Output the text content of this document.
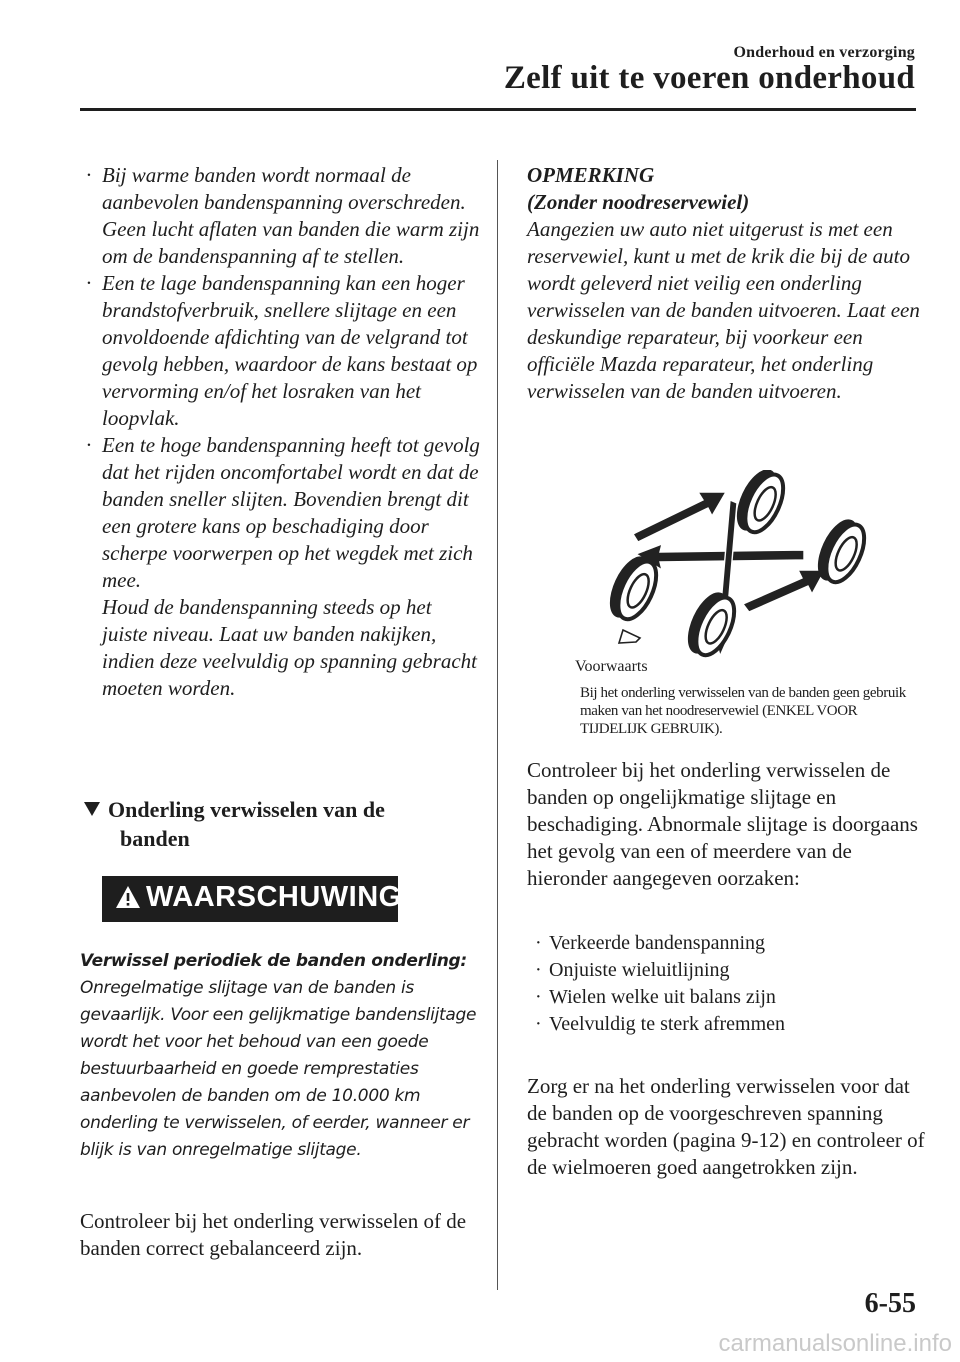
Onderhoud en verzorging
Zelf uit te voeren onderhoud
· Bij warme banden wordt normaal de aanbevolen bandenspanning overschreden. Geen lucht aflaten van banden die warm zijn om de bandenspanning af te stellen.
· Een te lage bandenspanning kan een hoger brandstofverbruik, snellere slijtage en een onvoldoende afdichting van de velgrand tot gevolg hebben, waardoor de kans bestaat op vervorming en/of het losraken van het loopvlak.
· Een te hoge bandenspanning heeft tot gevolg dat het rijden oncomfortabel wordt en dat de banden sneller slijten. Bovendien brengt dit een grotere kans op beschadiging door scherpe voorwerpen op het wegdek met zich mee.
Houd de bandenspanning steeds op het juiste niveau. Laat uw banden nakijken, indien deze veelvuldig op spanning gebracht moeten worden.
Onderling verwisselen van de
banden
WAARSCHUWING
Verwissel periodiek de banden onderling:
Onregelmatige slijtage van de banden is gevaarlijk. Voor een gelijkmatige bandenslijtage wordt het voor het behoud van een goede bestuurbaarheid en goede remprestaties aanbevolen de banden om de 10.000 km onderling te verwisselen, of eerder, wanneer er blijk is van onregelmatige slijtage.
Controleer bij het onderling verwisselen of de banden correct gebalanceerd zijn.
OPMERKING
(Zonder noodreservewiel)
Aangezien uw auto niet uitgerust is met een reservewiel, kunt u met de krik die bij de auto wordt geleverd niet veilig een onderling verwisselen van de banden uitvoeren. Laat een deskundige reparateur, bij voorkeur een officiële Mazda reparateur, het onderling verwisselen van de banden uitvoeren.
Voorwaarts
Bij het onderling verwisselen van de banden geen gebruik maken van het noodreservewiel (ENKEL VOOR TIJDELIJK GEBRUIK).
Controleer bij het onderling verwisselen de banden op ongelijkmatige slijtage en beschadiging. Abnormale slijtage is doorgaans het gevolg van een of meerdere van de hieronder aangegeven oorzaken:
· Verkeerde bandenspanning
· Onjuiste wieluitlijning
· Wielen welke uit balans zijn
· Veelvuldig te sterk afremmen
Zorg er na het onderling verwisselen voor dat de banden op de voorgeschreven spanning gebracht worden (pagina 9-12) en controleer of de wielmoeren goed aangetrokken zijn.
6-55
carmanualsonline.info
